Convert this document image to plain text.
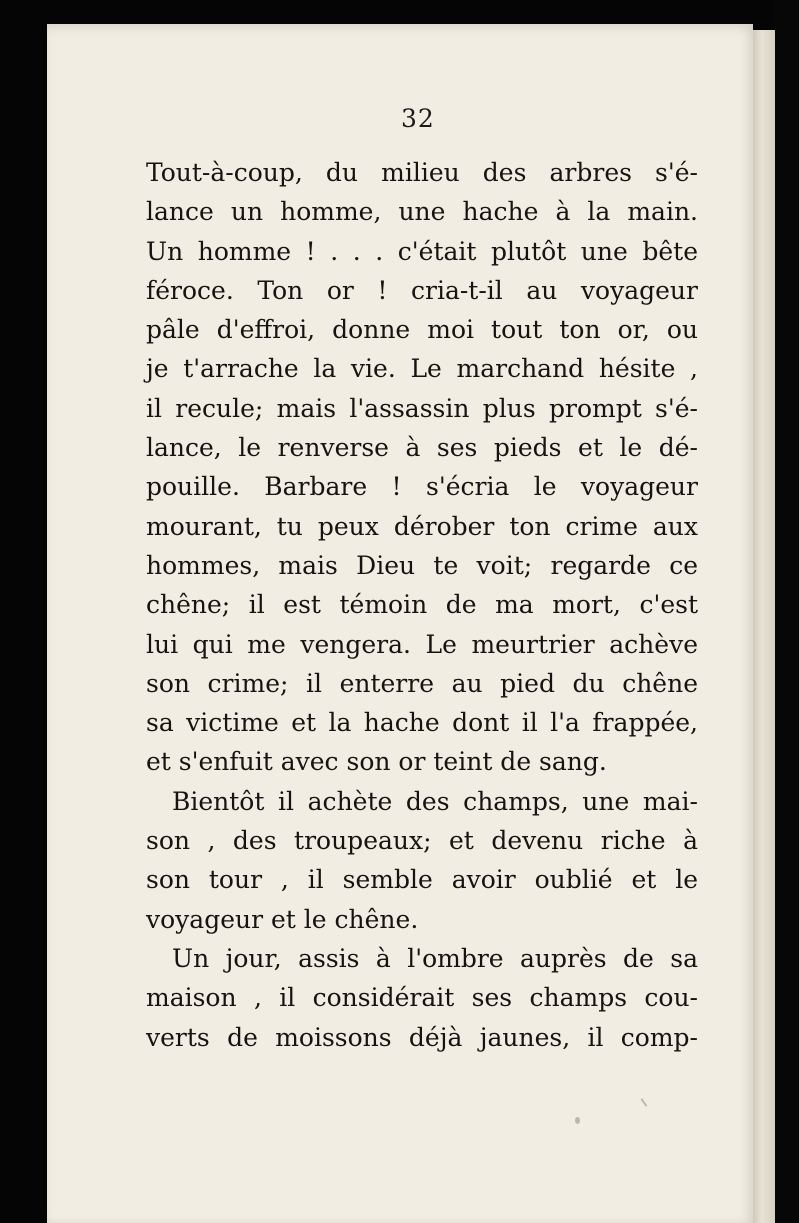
32
Tout-à-coup, du milieu des arbres s'é-
lance un homme, une hache à la main.
Un homme ! . . . c'était plutôt une bête
féroce. Ton or ! cria-t-il au voyageur
pâle d'effroi, donne moi tout ton or, ou
je t'arrache la vie. Le marchand hésite ,
il recule; mais l'assassin plus prompt s'é-
lance, le renverse à ses pieds et le dé-
pouille. Barbare ! s'écria le voyageur
mourant, tu peux dérober ton crime aux
hommes, mais Dieu te voit; regarde ce
chêne; il est témoin de ma mort, c'est
lui qui me vengera. Le meurtrier achève
son crime; il enterre au pied du chêne
sa victime et la hache dont il l'a frappée,
et s'enfuit avec son or teint de sang.
Bientôt il achète des champs, une mai-
son , des troupeaux; et devenu riche à
son tour , il semble avoir oublié et le
voyageur et le chêne.
Un jour, assis à l'ombre auprès de sa
maison , il considérait ses champs cou-
verts de moissons déjà jaunes, il comp-
